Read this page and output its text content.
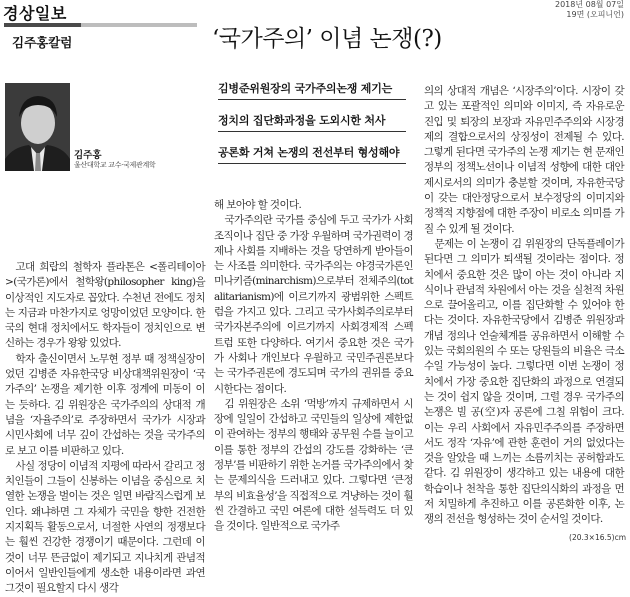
경상일보
김주홍칼럼
2018년 08월 07일
19면 (오피니언)
‘국가주의’ 이념 논쟁(?)
김주홍
울산대학교 교수·국제관계학
김병준위원장의 국가주의논쟁 제기는
정치의 집단화과정을 도외시한 처사
공론화 거쳐 논쟁의 전선부터 형성해야

고대 희랍의 철학자 플라톤은 <폴리테이아>(국가론)에서 철학왕(philosopher king)을 이상적인 지도자로 꼽았다. 수천년 전에도 정치는 지금과 마찬가지로 엉망이었던 모양이다. 한국의 현대 정치에서도 학자들이 정치인으로 변신하는 경우가 왕왕 있었다.

학자 출신이면서 노무현 정부 때 정책실장이었던 김병준 자유한국당 비상대책위원장이 ‘국가주의’ 논쟁을 제기한 이후 정계에 미동이 이는 듯하다. 김 위원장은 국가주의의 상대적 개념을 ‘자율주의’로 주장하면서 국가가 시장과 시민사회에 너무 깊이 간섭하는 것을 국가주의로 보고 이를 비판하고 있다.

사실 정당이 이념적 지평에 따라서 갈리고 정치인들이 그들이 신봉하는 이념을 중심으로 치열한 논쟁을 벌이는 것은 일면 바람직스럽게 보인다. 왜냐하면 그 자체가 국민을 향한 건전한 지지획득 활동으로서, 너절한 사연의 정쟁보다는 훨씬 건강한 경쟁이기 때문이다. 그런데 이것이 너무 뜬금없이 제기되고 지나치게 관념적이어서 일반인들에게 생소한 내용이라면 과연 그것이 필요할지 다시 생각

해 보아야 할 것이다.

국가주의란 국가를 중심에 두고 국가가 사회 조직이나 집단 중 가장 우월하며 국가권력이 경제나 사회를 지배하는 것을 당연하게 받아들이는 사조를 의미한다. 국가주의는 야경국가론인 미나키즘(minarchism)으로부터 전체주의(totalitarianism)에 이르기까지 광범위한 스펙트럼을 가지고 있다. 그리고 국가사회주의로부터 국가자본주의에 이르기까지 사회경제적 스펙트럼 또한 다양하다. 여기서 중요한 것은 국가가 사회나 개인보다 우월하고 국민주권론보다는 국가주권론에 경도되며 국가의 권위를 중요시한다는 점이다.

김 위원장은 소위 ‘먹방’까지 규제하면서 시장에 일일이 간섭하고 국민들의 일상에 제한없이 관여하는 정부의 행태와 공무원 수를 늘이고 이를 통한 정부의 간섭의 강도를 강화하는 ‘큰 정부’를 비판하기 위한 논거를 국가주의에서 찾는 문제의식을 드러내고 있다. 그렇다면 ‘큰정부의 비효율성’을 직접적으로 겨냥하는 것이 훨씬 간결하고 국민 여론에 대한 설득력도 더 있을 것이다. 일반적으로 국가주

의의 상대적 개념은 ‘시장주의’이다. 시장이 갖고 있는 포괄적인 의미와 이미지, 즉 자유로운 진입 및 퇴장의 보장과 자유민주주의와 시장경제의 결합으로서의 상징성이 전제될 수 있다. 그렇게 된다면 국가주의 논쟁 제기는 현 문재인 정부의 정책노선이나 이념적 성향에 대한 대안 제시로서의 의미가 충분할 것이며, 자유한국당이 갖는 대안정당으로서 보수정당의 이미지와 정책적 지향점에 대한 주장이 비로소 의미를 가질 수 있게 될 것이다.

문제는 이 논쟁이 김 위원장의 단독플레이가 된다면 그 의미가 퇴색될 것이라는 점이다. 정치에서 중요한 것은 많이 아는 것이 아니라 지식이나 관념적 차원에서 아는 것을 실천적 차원으로 끌어올리고, 이를 집단화할 수 있어야 한다는 것이다. 자유한국당에서 김병준 위원장과 개념 정의나 언술체계를 공유하면서 이해할 수 있는 국회의원의 수 또는 당원들의 비율은 극소수일 가능성이 높다. 그렇다면 이번 논쟁이 정치에서 가장 중요한 집단화의 과정으로 연결되는 것이 쉽지 않을 것이며, 그럴 경우 국가주의 논쟁은 빌 공(空)자 공론에 그칠 위험이 크다. 이는 우리 사회에서 자유민주주의를 주장하면서도 정작 ‘자유’에 관한 훈련이 거의 없었다는 것을 알았을 때 느끼는 소름끼치는 공허함과도 같다. 김 위원장이 생각하고 있는 내용에 대한 학습이나 천착을 통한 집단의식화의 과정을 먼저 치밀하게 추진하고 이를 공론화한 이후, 논쟁의 전선을 형성하는 것이 순서일 것이다.

(20.3×16.5)cm
